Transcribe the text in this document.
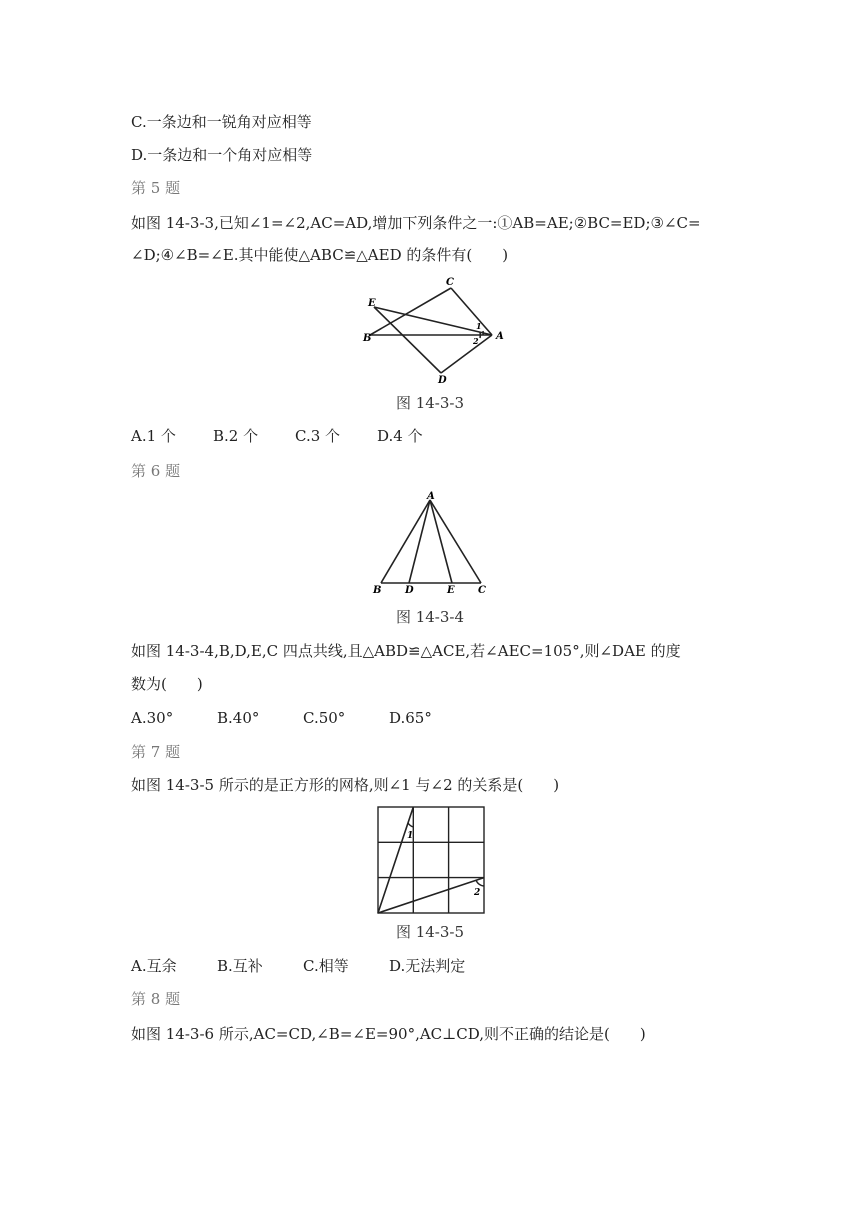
C.一条边和一锐角对应相等
D.一条边和一个角对应相等
第 5 题
如图 14-3-3,已知∠1=∠2,AC=AD,增加下列条件之一:①AB=AE;②BC=ED;③∠C=
∠D;④∠B=∠E.其中能使△ABC≌△AED 的条件有(　　)
E
B
C
A
D
1
2
图 14-3-3
A.1 个 B.2 个 C.3 个 D.4 个
第 6 题
A
B D	E C
图 14-3-4
如图 14-3-4,B,D,E,C 四点共线,且△ABD≌△ACE,若∠AEC=105°,则∠DAE 的度
数为(　　)
A.30°	B.40°	C.50°	D.65°
第 7 题
如图 14-3-5 所示的是正方形的网格,则∠1 与∠2 的关系是(　　)
1
2
图 14-3-5
A.互余	B.互补	C.相等	D.无法判定
第 8 题
如图 14-3-6 所示,AC=CD,∠B=∠E=90°,AC⊥CD,则不正确的结论是(　　)
